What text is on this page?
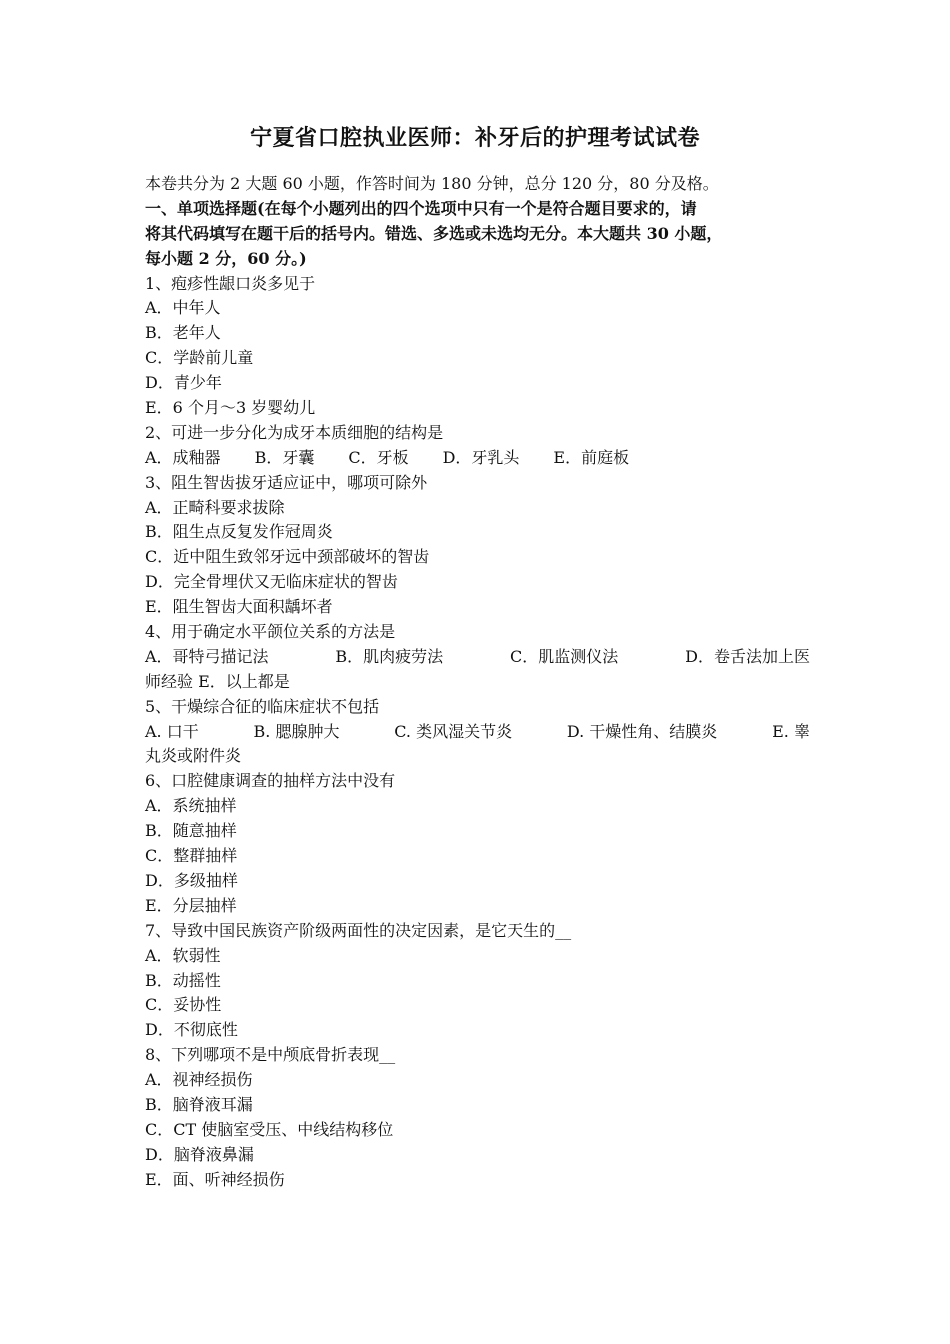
宁夏省口腔执业医师：补牙后的护理考试试卷
本卷共分为 2 大题 60 小题，作答时间为 180 分钟，总分 120 分，80 分及格。
一、单项选择题(在每个小题列出的四个选项中只有一个是符合题目要求的，请
将其代码填写在题干后的括号内。错选、多选或未选均无分。本大题共 30 小题，
每小题 2 分，60 分。)
1、疱疹性龈口炎多见于
A．中年人
B．老年人
C．学龄前儿童
D．青少年
E．6 个月～3 岁婴幼儿
2、可进一步分化为成牙本质细胞的结构是
A．成釉器 B．牙囊 C．牙板 D．牙乳头 E．前庭板
3、阻生智齿拔牙适应证中，哪项可除外
A．正畸科要求拔除
B．阻生点反复发作冠周炎
C．近中阻生致邻牙远中颈部破坏的智齿
D．完全骨埋伏又无临床症状的智齿
E．阻生智齿大面积龋坏者
4、用于确定水平颌位关系的方法是
A．哥特弓描记法	B．肌肉疲劳法	C．肌监测仪法	D．卷舌法加上医
师经验 E．以上都是
5、干燥综合征的临床症状不包括
A. 口干	B. 腮腺肿大	C. 类风湿关节炎	D. 干燥性角、结膜炎	E. 睾
丸炎或附件炎
6、口腔健康调查的抽样方法中没有
A．系统抽样
B．随意抽样
C．整群抽样
D．多级抽样
E．分层抽样
7、导致中国民族资产阶级两面性的决定因素，是它天生的__
A．软弱性
B．动摇性
C．妥协性
D．不彻底性
8、下列哪项不是中颅底骨折表现__
A．视神经损伤
B．脑脊液耳漏
C．CT 使脑室受压、中线结构移位
D．脑脊液鼻漏
E．面、听神经损伤
